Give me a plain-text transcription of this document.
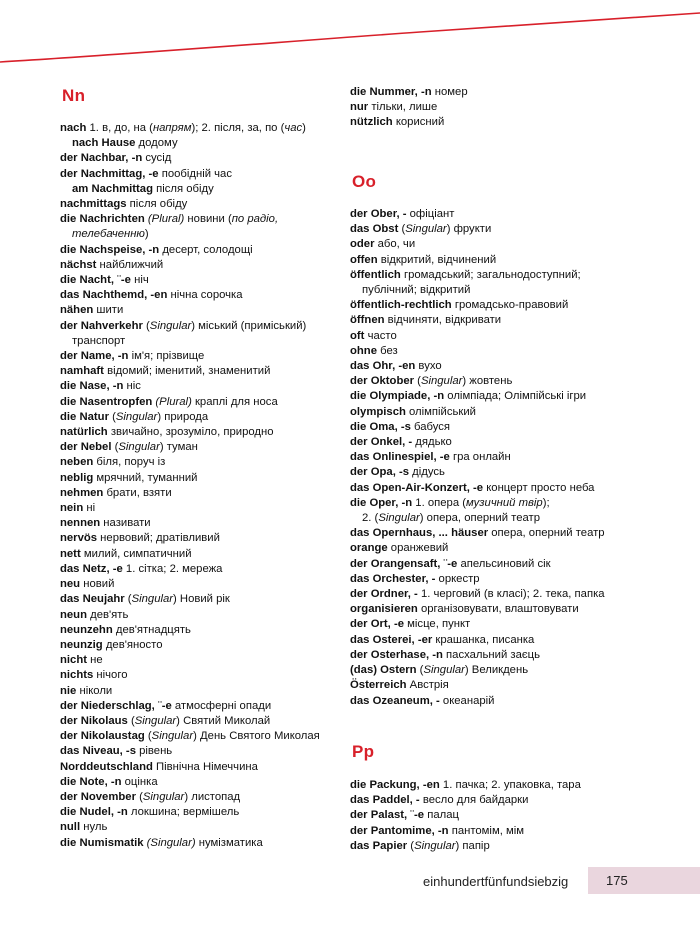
Nn
nach 1. в, до, на (напрям); 2. після, за, по (час)
nach Hause додому
der Nachbar, -n сусід
der Nachmittag, -e пообідній час
am Nachmittag після обіду
nachmittags після обіду
die Nachrichten (Plural) новини (по радіо,
телебаченню)
die Nachspeise, -n десерт, солодощі
nächst найближчий
die Nacht, ¨-e ніч
das Nachthemd, -en нічна сорочка
nähen шити
der Nahverkehr (Singular) міський (приміський)
транспорт
der Name, -n ім'я; прізвище
namhaft відомий; іменитий, знаменитий
die Nase, -n ніс
die Nasentropfen (Plural) краплі для носа
die Natur (Singular) природа
natürlich звичайно, зрозуміло, природно
der Nebel (Singular) туман
neben біля, поруч із
neblig мрячний, туманний
nehmen брати, взяти
nein ні
nennen називати
nervös нервовий; дратівливий
nett милий, симпатичний
das Netz, -e 1. сітка; 2. мережа
neu новий
das Neujahr (Singular) Новий рік
neun дев'ять
neunzehn дев'ятнадцять
neunzig дев'яносто
nicht не
nichts нічого
nie ніколи
der Niederschlag, ¨-e атмосферні опади
der Nikolaus (Singular) Святий Миколай
der Nikolaustag (Singular) День Святого Миколая
das Niveau, -s рівень
Norddeutschland Північна Німеччина
die Note, -n оцінка
der November (Singular) листопад
die Nudel, -n локшина; вермішель
null нуль
die Numismatik (Singular) нумізматика
die Nummer, -n номер
nur тільки, лише
nützlich корисний
Oo
der Ober, - офіціант
das Obst (Singular) фрукти
oder або, чи
offen відкритий, відчинений
öffentlich громадський; загальнодоступний;
публічний; відкритий
öffentlich-rechtlich громадсько-правовий
öffnen відчиняти, відкривати
oft часто
ohne без
das Ohr, -en вухо
der Oktober (Singular) жовтень
die Olympiade, -n олімпіада; Олімпійські ігри
olympisch олімпійський
die Oma, -s бабуся
der Onkel, - дядько
das Onlinespiel, -e гра онлайн
der Opa, -s дідусь
das Open-Air-Konzert, -e концерт просто неба
die Oper, -n 1. опера (музичний твір);
2. (Singular) опера, оперний театр
das Opernhaus, ... häuser опера, оперний театр
orange оранжевий
der Orangensaft, ¨-e апельсиновий сік
das Orchester, - оркестр
der Ordner, - 1. черговий (в класі); 2. тека, папка
organisieren організовувати, влаштовувати
der Ort, -e місце, пункт
das Osterei, -er крашанка, писанка
der Osterhase, -n пасхальний заєць
(das) Ostern (Singular) Великдень
Österreich Австрія
das Ozeaneum, - океанарій
Pp
die Packung, -en 1. пачка; 2. упаковка, тара
das Paddel, - весло для байдарки
der Palast, ¨-e палац
der Pantomime, -n пантомім, мім
das Papier (Singular) папір
einhundertfünfundsiebzig	175
